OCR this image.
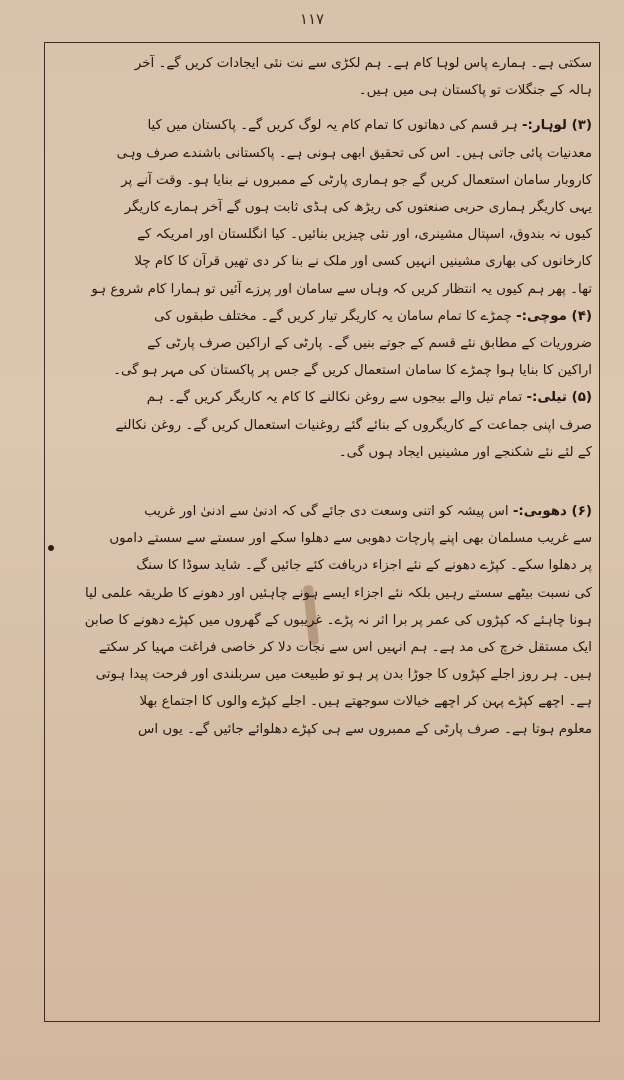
۱۱۷
سکتی ہے۔ ہمارے پاس لوہا کام ہے۔ ہم لکڑی سے نت نئی ایجادات کریں گے۔ آخر
ہالہ کے جنگلات تو پاکستان ہی میں ہیں۔
(۳) لوہار:- ہر قسم کی دھاتوں کا تمام کام یہ لوگ کریں گے۔ پاکستان میں کیا
معدنیات پائی جاتی ہیں۔ اس کی تحقیق ابھی ہونی ہے۔ پاکستانی باشندے صرف وہی
کاروبار سامان استعمال کریں گے جو ہماری پارٹی کے ممبروں نے بنایا ہو۔ وقت آنے پر
یہی کاریگر ہماری حربی صنعتوں کی ریڑھ کی ہڈی ثابت ہوں گے آخر ہمارے کاریگر
کیوں نہ بندوق، اسپتال مشینری، اور نئی چیزیں بنائیں۔ کیا انگلستان اور امریکہ کے
کارخانوں کی بھاری مشینیں انہیں کسی اور ملک نے بنا کر دی تھیں قرآن کا کام چلا
تھا۔ پھر ہم کیوں یہ انتظار کریں کہ وہاں سے سامان اور پرزے آئیں تو ہمارا کام شروع ہو
(۴) موچی:- چمڑے کا تمام سامان یہ کاریگر تیار کریں گے۔ مختلف طبقوں کی
ضروریات کے مطابق نئے قسم کے جوتے بنیں گے۔ پارٹی کے اراکین صرف پارٹی کے
اراکین کا بنایا ہوا چمڑے کا سامان استعمال کریں گے جس پر پاکستان کی مہر ہو گی۔
(۵) تیلی:- تمام تیل والے بیجوں سے روغن نکالنے کا کام یہ کاریگر کریں گے۔ ہم
صرف اپنی جماعت کے کاریگروں کے بنائے گئے روغنیات استعمال کریں گے۔ روغن نکالنے
کے لئے نئے شکنجے اور مشینیں ایجاد ہوں گی۔
(۶) دھوبی:- اس پیشہ کو اتنی وسعت دی جائے گی کہ ادنیٰ سے ادنیٰ اور غریب
سے غریب مسلمان بھی اپنے پارچات دھوبی سے دھلوا سکے اور سستے سے سستے داموں
پر دھلوا سکے۔ کپڑے دھونے کے نئے اجزاء دریافت کئے جائیں گے۔ شاید سوڈا کا سنگ
کی نسبت بیٹھے سستے رہیں بلکہ نئے اجزاء ایسے ہونے چاہئیں اور دھونے کا طریقہ علمی لیا
ہونا چاہئے کہ کپڑوں کی عمر پر برا اثر نہ پڑے۔ غریبوں کے گھروں میں کپڑے دھونے کا صابن
ایک مستقل خرچ کی مد ہے۔ ہم انہیں اس سے نجات دلا کر خاصی فراغت مہیا کر سکتے
ہیں۔ ہر روز اجلے کپڑوں کا جوڑا بدن پر ہو تو طبیعت میں سربلندی اور فرحت پیدا ہوتی
ہے۔ اچھے کپڑے پہن کر اچھے خیالات سوجھتے ہیں۔ اجلے کپڑے والوں کا اجتماع بھلا
معلوم ہوتا ہے۔ صرف پارٹی کے ممبروں سے ہی کپڑے دھلوائے جائیں گے۔ یوں اس
